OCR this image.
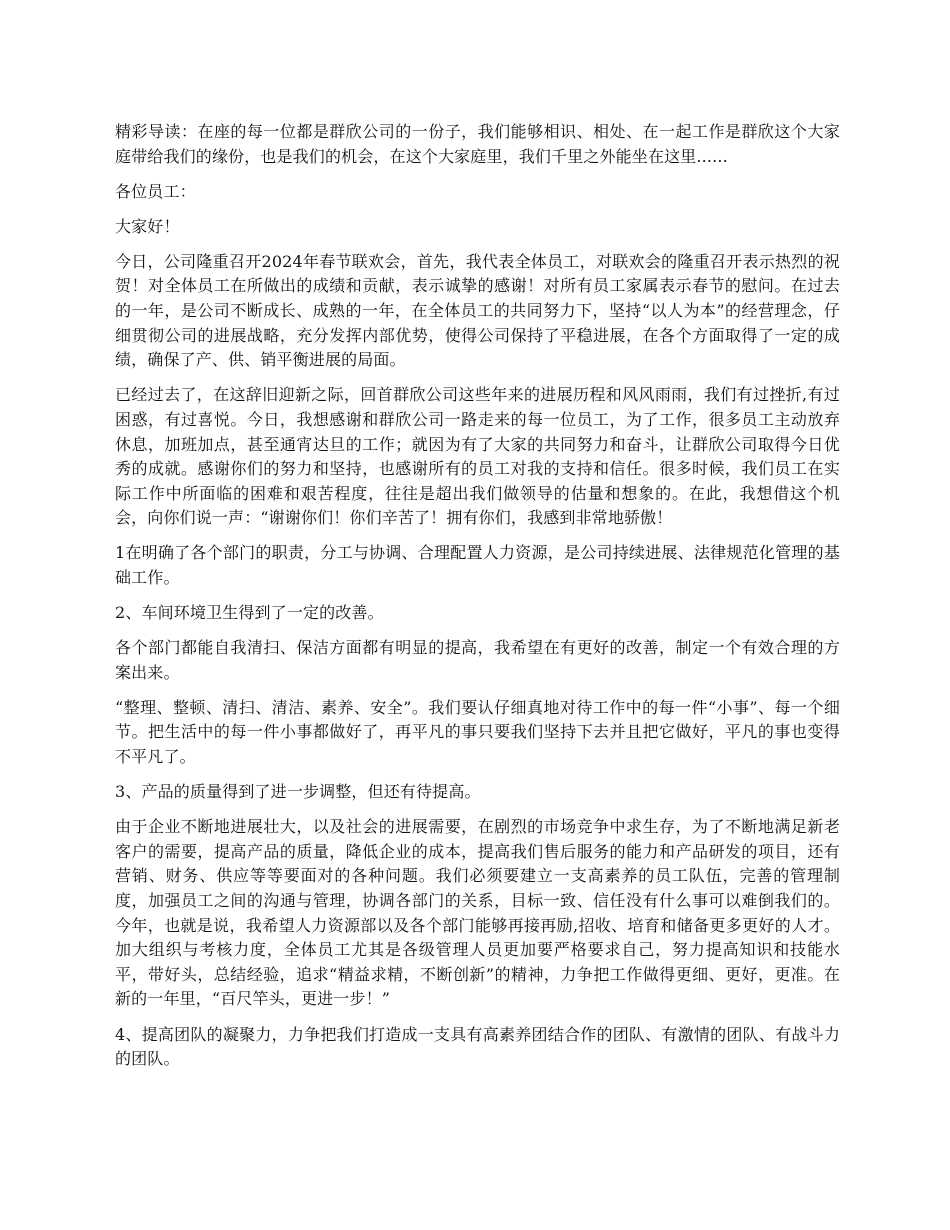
精彩导读：在座的每一位都是群欣公司的一份子，我们能够相识、相处、在一起工作是群欣这个大家庭带给我们的缘份，也是我们的机会，在这个大家庭里，我们千里之外能坐在这里......

各位员工：

大家好！

今日，公司隆重召开2024年春节联欢会，首先，我代表全体员工，对联欢会的隆重召开表示热烈的祝贺！对全体员工在所做出的成绩和贡献，表示诚挚的感谢！对所有员工家属表示春节的慰问。在过去的一年，是公司不断成长、成熟的一年，在全体员工的共同努力下，坚持“以人为本”的经营理念，仔细贯彻公司的进展战略，充分发挥内部优势，使得公司保持了平稳进展，在各个方面取得了一定的成绩，确保了产、供、销平衡进展的局面。

已经过去了，在这辞旧迎新之际，回首群欣公司这些年来的进展历程和风风雨雨，我们有过挫折,有过困惑，有过喜悦。今日，我想感谢和群欣公司一路走来的每一位员工，为了工作，很多员工主动放弃休息，加班加点，甚至通宵达旦的工作；就因为有了大家的共同努力和奋斗，让群欣公司取得今日优秀的成就。感谢你们的努力和坚持，也感谢所有的员工对我的支持和信任。很多时候，我们员工在实际工作中所面临的困难和艰苦程度，往往是超出我们做领导的估量和想象的。在此，我想借这个机会，向你们说一声：“谢谢你们！你们辛苦了！拥有你们，我感到非常地骄傲！

1在明确了各个部门的职责，分工与协调、合理配置人力资源，是公司持续进展、法律规范化管理的基础工作。

2、车间环境卫生得到了一定的改善。

各个部门都能自我清扫、保洁方面都有明显的提高，我希望在有更好的改善，制定一个有效合理的方案出来。

“整理、整顿、清扫、清洁、素养、安全”。我们要认仔细真地对待工作中的每一件“小事”、每一个细节。把生活中的每一件小事都做好了，再平凡的事只要我们坚持下去并且把它做好，平凡的事也变得不平凡了。

3、产品的质量得到了进一步调整，但还有待提高。

由于企业不断地进展壮大，以及社会的进展需要，在剧烈的市场竞争中求生存，为了不断地满足新老客户的需要，提高产品的质量，降低企业的成本，提高我们售后服务的能力和产品研发的项目，还有营销、财务、供应等等要面对的各种问题。我们必须要建立一支高素养的员工队伍，完善的管理制度，加强员工之间的沟通与管理，协调各部门的关系，目标一致、信任没有什么事可以难倒我们的。今年，也就是说，我希望人力资源部以及各个部门能够再接再励,招收、培育和储备更多更好的人才。加大组织与考核力度，全体员工尤其是各级管理人员更加要严格要求自己，努力提高知识和技能水平，带好头，总结经验，追求“精益求精，不断创新”的精神，力争把工作做得更细、更好，更准。在新的一年里，“百尺竿头，更进一步！”

4、提高团队的凝聚力，力争把我们打造成一支具有高素养团结合作的团队、有激情的团队、有战斗力的团队。
